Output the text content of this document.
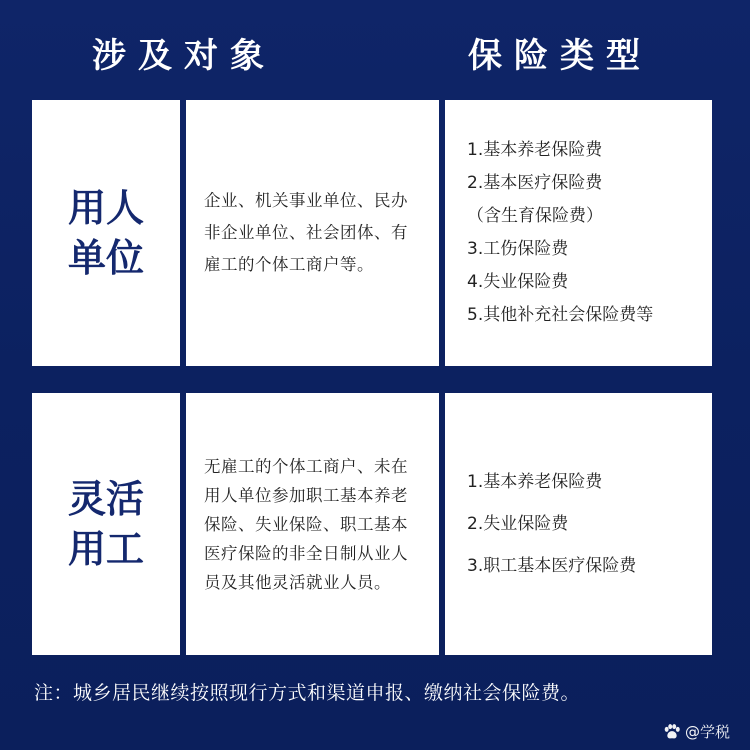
涉及对象	保险类型
用人单位
企业、机关事业单位、民办非企业单位、社会团体、有雇工的个体工商户等。
1.基本养老保险费
2.基本医疗保险费
（含生育保险费）
3.工伤保险费
4.失业保险费
5.其他补充社会保险费等
灵活用工
无雇工的个体工商户、未在用人单位参加职工基本养老保险、失业保险、职工基本医疗保险的非全日制从业人员及其他灵活就业人员。
1.基本养老保险费
2.失业保险费
3.职工基本医疗保险费
注：城乡居民继续按照现行方式和渠道申报、缴纳社会保险费。
@学税
